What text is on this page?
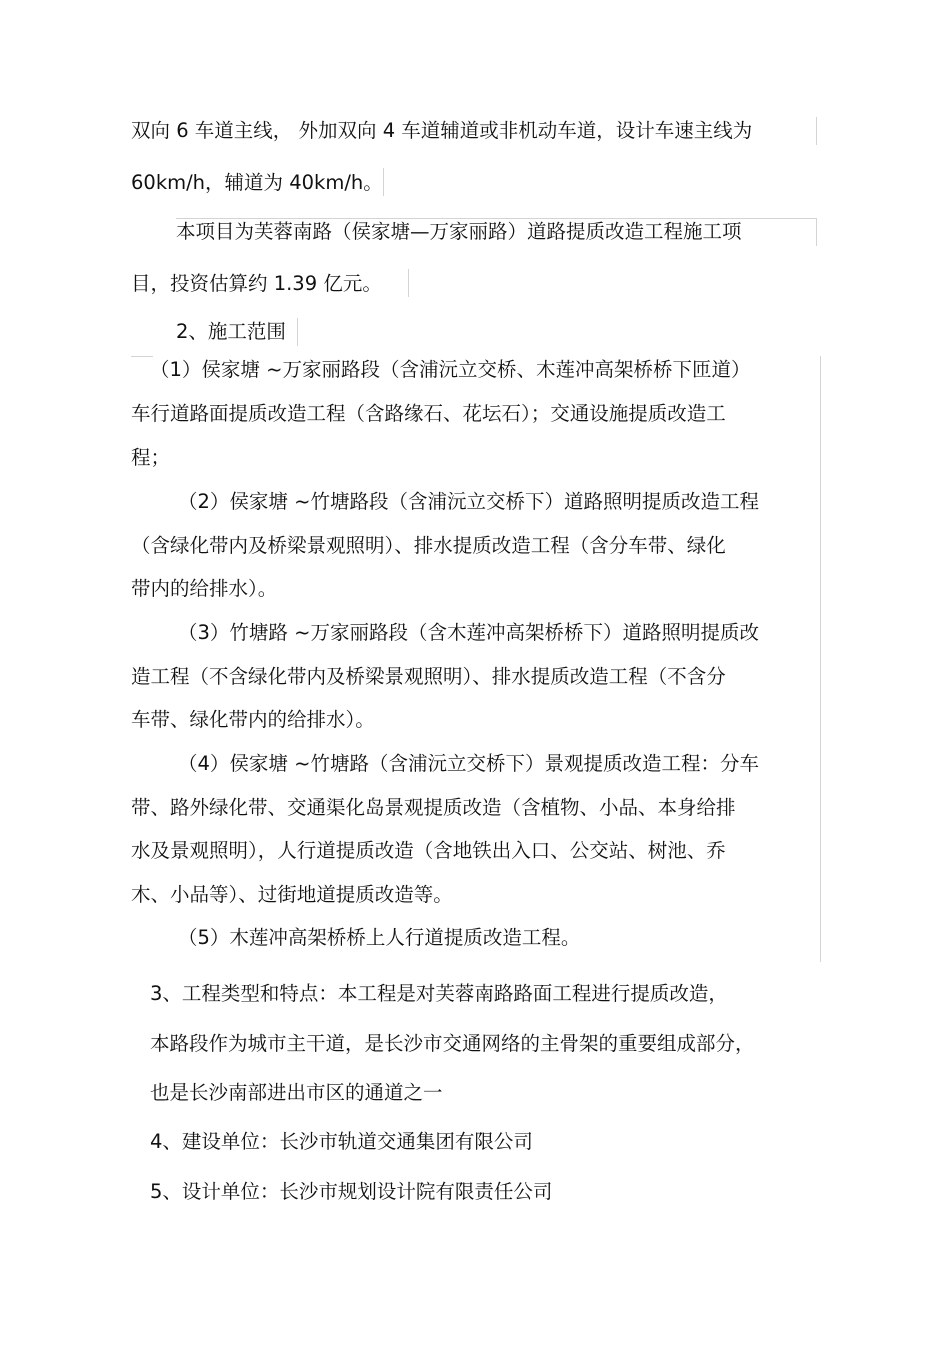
双向 6 车道主线， 外加双向 4 车道辅道或非机动车道，设计车速主线为
60km/h，辅道为 40km/h。
本项目为芙蓉南路（侯家塘—万家丽路）道路提质改造工程施工项
目，投资估算约 1.39 亿元。
2、施工范围
（1）侯家塘 ~万家丽路段（含浦沅立交桥、木莲冲高架桥桥下匝道）
车行道路面提质改造工程（含路缘石、花坛石）；交通设施提质改造工
程；
（2）侯家塘 ~竹塘路段（含浦沅立交桥下）道路照明提质改造工程
（含绿化带内及桥梁景观照明）、排水提质改造工程（含分车带、绿化
带内的给排水）。
（3）竹塘路 ~万家丽路段（含木莲冲高架桥桥下）道路照明提质改
造工程（不含绿化带内及桥梁景观照明）、排水提质改造工程（不含分
车带、绿化带内的给排水）。
（4）侯家塘 ~竹塘路（含浦沅立交桥下）景观提质改造工程：分车
带、路外绿化带、交通渠化岛景观提质改造（含植物、小品、本身给排
水及景观照明），人行道提质改造（含地铁出入口、公交站、树池、乔
木、小品等）、过街地道提质改造等。
（5）木莲冲高架桥桥上人行道提质改造工程。
3、工程类型和特点：本工程是对芙蓉南路路面工程进行提质改造，
本路段作为城市主干道，是长沙市交通网络的主骨架的重要组成部分，
也是长沙南部进出市区的通道之一
4、建设单位：长沙市轨道交通集团有限公司
5、设计单位：长沙市规划设计院有限责任公司
